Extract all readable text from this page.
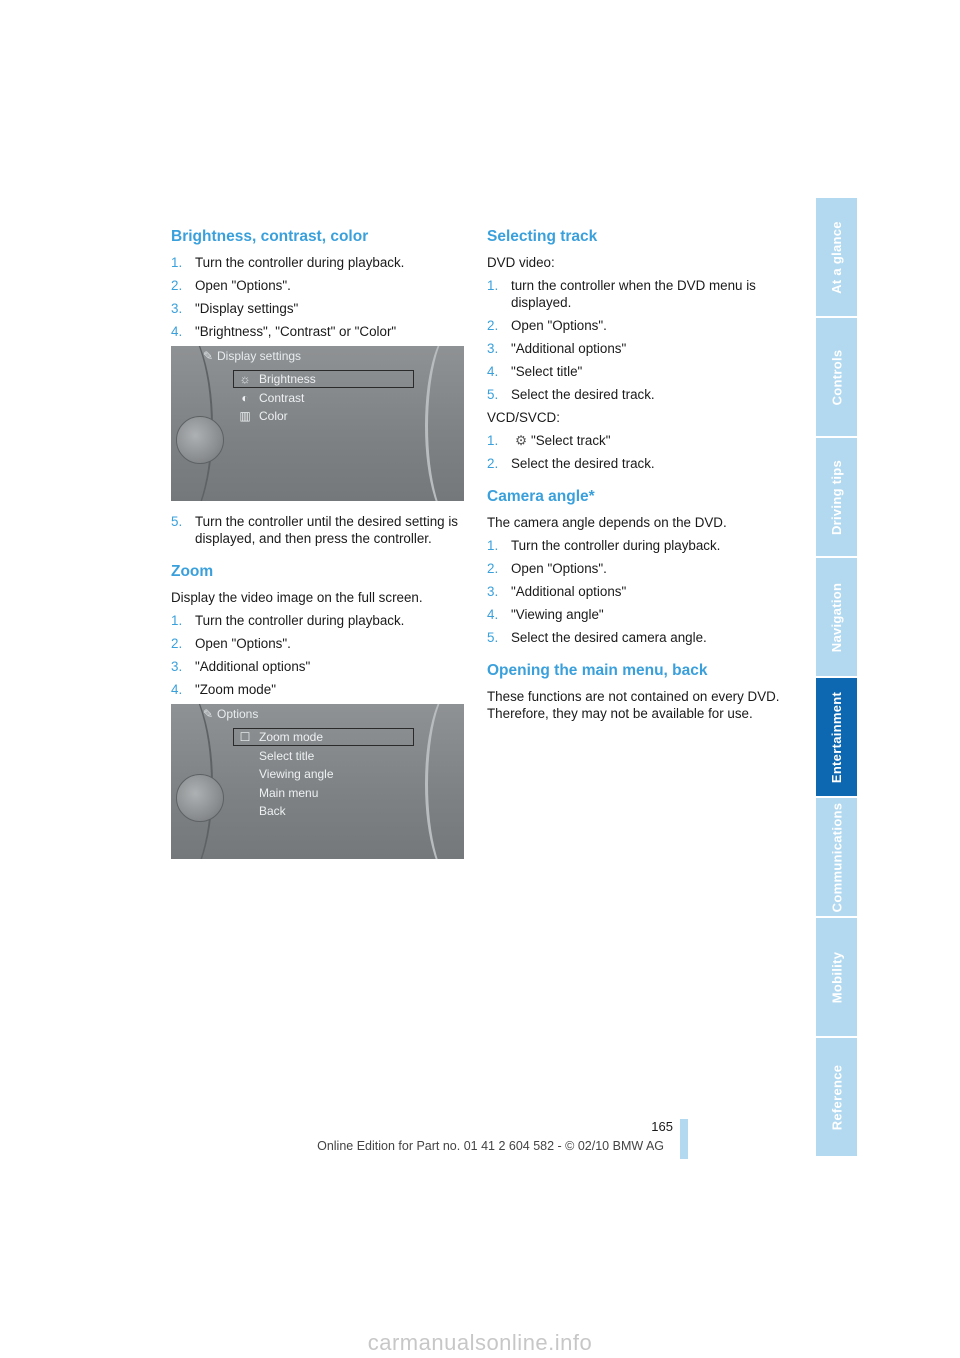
Brightness, contrast, color
1. Turn the controller during playback.
2. Open "Options".
3. "Display settings"
4. "Brightness", "Contrast" or "Color"
✎ Display settings
☼ Brightness
◐ Contrast
▥ Color
5. Turn the controller until the desired setting is displayed, and then press the controller.
Zoom

Display the video image on the full screen.

1. Turn the controller during playback.
2. Open "Options".
3. "Additional options"
4. "Zoom mode"
✎ Options
☐ Zoom mode
Select title
Viewing angle
Main menu
Back
Selecting track

DVD video:

1. turn the controller when the DVD menu is displayed.
2. Open "Options".
3. "Additional options"
4. "Select title"
5. Select the desired track.

VCD/SVCD:

1. ⚙ "Select track"
2. Select the desired track.
Camera angle*

The camera angle depends on the DVD.

1. Turn the controller during playback.
2. Open "Options".
3. "Additional options"
4. "Viewing angle"
5. Select the desired camera angle.
Opening the main menu, back

These functions are not contained on every DVD. Therefore, they may not be available for use.

At a glance
Controls
Driving tips
Navigation
Entertainment
Communications
Mobility
Reference
165
Online Edition for Part no. 01 41 2 604 582 - © 02/10 BMW AG
carmanualsonline.info
